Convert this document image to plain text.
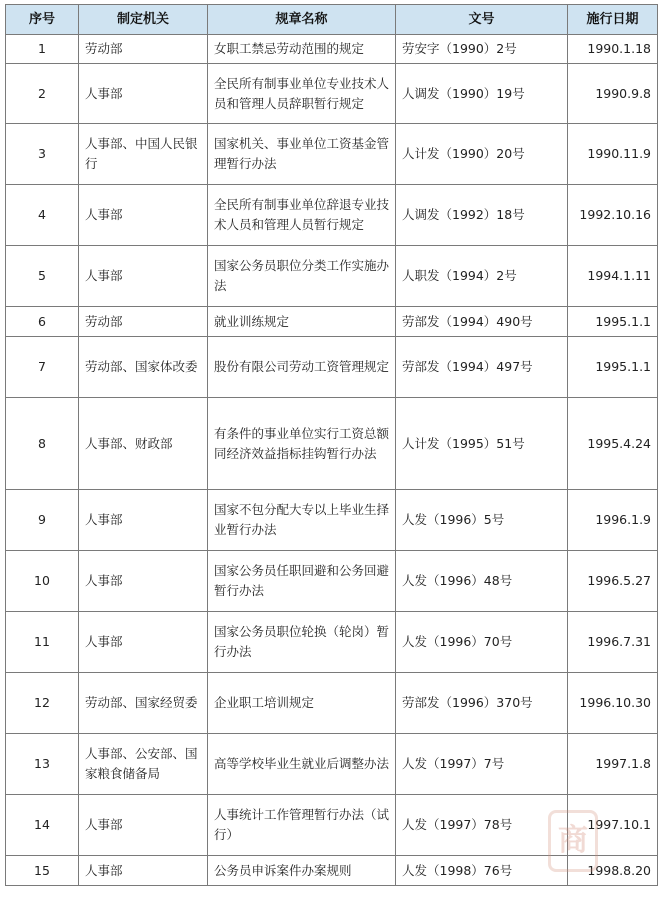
序号	制定机关	规章名称	文号	施行日期
1	劳动部	女职工禁忌劳动范围的规定	劳安字（1990）2号	1990.1.18
2	人事部	全民所有制事业单位专业技术人员和管理人员辞职暂行规定	人调发（1990）19号	1990.9.8
3	人事部、中国人民银行	国家机关、事业单位工资基金管理暂行办法	人计发（1990）20号	1990.11.9
4	人事部	全民所有制事业单位辞退专业技术人员和管理人员暂行规定	人调发（1992）18号	1992.10.16
5	人事部	国家公务员职位分类工作实施办法	人职发（1994）2号	1994.1.11
6	劳动部	就业训练规定	劳部发（1994）490号	1995.1.1
7	劳动部、国家体改委	股份有限公司劳动工资管理规定	劳部发（1994）497号	1995.1.1
8	人事部、财政部	有条件的事业单位实行工资总额同经济效益指标挂钩暂行办法	人计发（1995）51号	1995.4.24
9	人事部	国家不包分配大专以上毕业生择业暂行办法	人发（1996）5号	1996.1.9
10	人事部	国家公务员任职回避和公务回避暂行办法	人发（1996）48号	1996.5.27
11	人事部	国家公务员职位轮换（轮岗）暂行办法	人发（1996）70号	1996.7.31
12	劳动部、国家经贸委	企业职工培训规定	劳部发（1996）370号	1996.10.30
13	人事部、公安部、国家粮食储备局	高等学校毕业生就业后调整办法	人发（1997）7号	1997.1.8
14	人事部	人事统计工作管理暂行办法（试行）	人发（1997）78号	1997.10.1
15	人事部	公务员申诉案件办案规则	人发（1998）76号	1998.8.20
商
